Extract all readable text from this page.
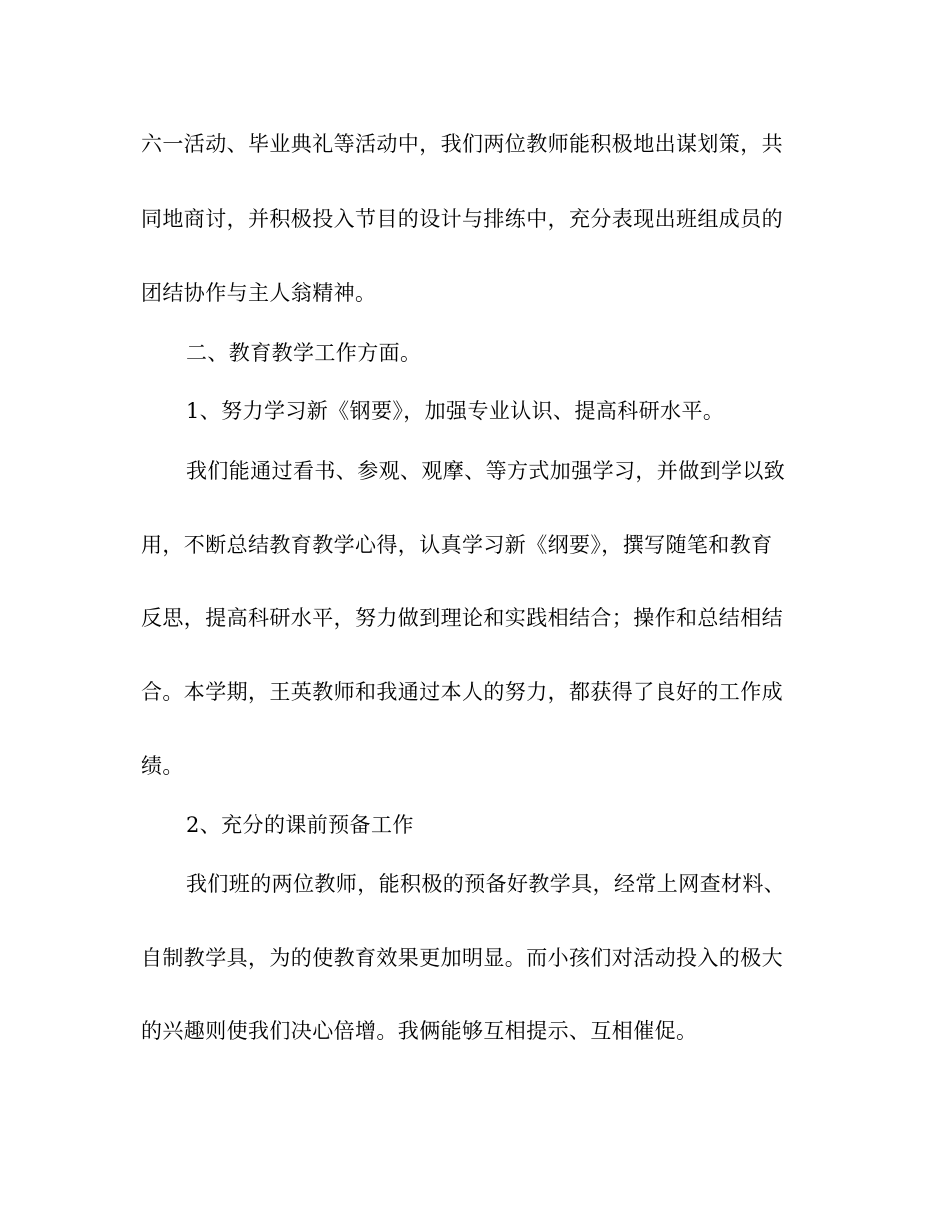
六一活动、毕业典礼等活动中，我们两位教师能积极地出谋划策，共
同地商讨，并积极投入节目的设计与排练中，充分表现出班组成员的
团结协作与主人翁精神。
二、教育教学工作方面。
1、努力学习新《钢要》，加强专业认识、提高科研水平。
我们能通过看书、参观、观摩、等方式加强学习，并做到学以致
用，不断总结教育教学心得，认真学习新《纲要》，撰写随笔和教育
反思，提高科研水平，努力做到理论和实践相结合；操作和总结相结
合。本学期，王英教师和我通过本人的努力，都获得了良好的工作成
绩。
2、充分的课前预备工作
我们班的两位教师，能积极的预备好教学具，经常上网查材料、
自制教学具，为的使教育效果更加明显。而小孩们对活动投入的极大
的兴趣则使我们决心倍增。我俩能够互相提示、互相催促。
